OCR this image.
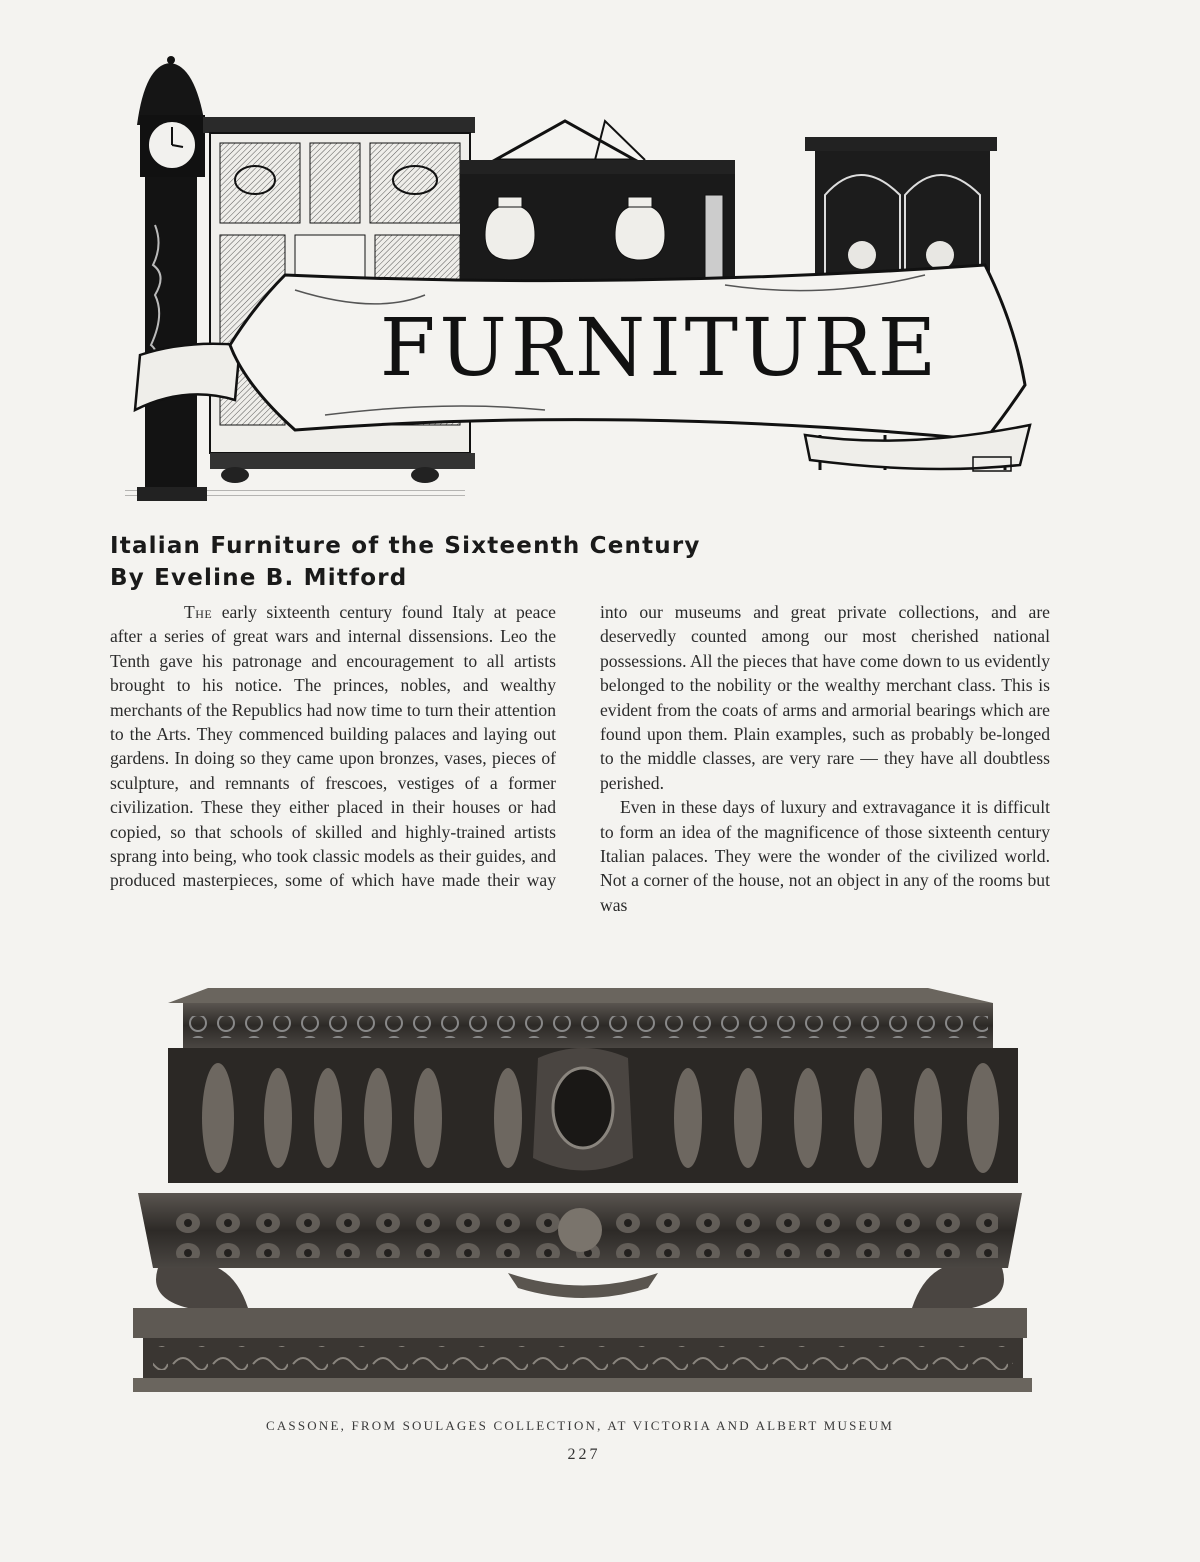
FURNITURE
Italian Furniture of the Sixteenth Century
By Eveline B. Mitford

The early sixteenth century found Italy at peace after a series of great wars and internal dissensions. Leo the Tenth gave his patronage and encouragement to all artists brought to his notice. The princes, nobles, and wealthy merchants of the Republics had now time to turn their attention to the Arts. They commenced building palaces and laying out gardens. In doing so they came upon bronzes, vases, pieces of sculpture, and remnants of frescoes, vestiges of a former civilization. These they either placed in their houses or had copied, so that schools of skilled and highly-trained artists sprang into being, who took classic models as their guides, and produced masterpieces, some of which have made their way

into our museums and great private collections, and are deservedly counted among our most cherished national possessions. All the pieces that have come down to us evidently belonged to the nobility or the wealthy merchant class. This is evident from the coats of arms and armorial bearings which are found upon them. Plain examples, such as probably be-longed to the middle classes, are very rare — they have all doubtless perished.

Even in these days of luxury and extravagance it is difficult to form an idea of the magnificence of those sixteenth century Italian palaces. They were the wonder of the civilized world. Not a corner of the house, not an object in any of the rooms but was

CASSONE, FROM SOULAGES COLLECTION, AT VICTORIA AND ALBERT MUSEUM
227
